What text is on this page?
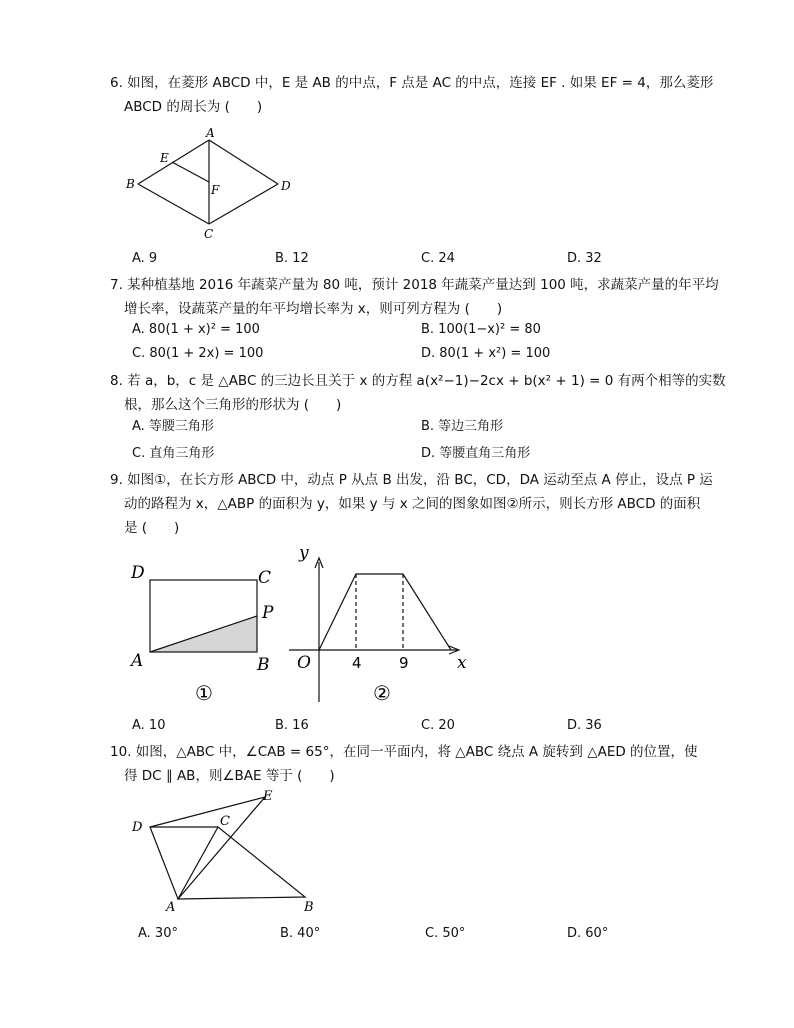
6. 如图，在菱形 ABCD 中，E 是 AB 的中点，F 点是 AC 的中点，连接 EF . 如果 EF = 4，那么菱形
ABCD 的周长为 (　　)
A
B
C
D
E
F
A. 9	B. 12	C. 24	D. 32
7. 某种植基地 2016 年蔬菜产量为 80 吨，预计 2018 年蔬菜产量达到 100 吨，求蔬菜产量的年平均
增长率，设蔬菜产量的年平均增长率为 x，则可列方程为 (　　)
A. 80(1 + x)² = 100	B. 100(1−x)² = 80
C. 80(1 + 2x) = 100	D. 80(1 + x²) = 100
8. 若 a，b，c 是 △ABC 的三边长且关于 x 的方程 a(x²−1)−2cx + b(x² + 1) = 0 有两个相等的实数
根，那么这个三角形的形状为 (　　)
A. 等腰三角形	B. 等边三角形
C. 直角三角形	D. 等腰直角三角形
9. 如图①，在长方形 ABCD 中，动点 P 从点 B 出发，沿 BC，CD，DA 运动至点 A 停止，设点 P 运
动的路程为 x，△ABP 的面积为 y，如果 y 与 x 之间的图象如图②所示，则长方形 ABCD 的面积
是 (　　)
D	C
P
A	B
①
y
x
O	4 9
②
A. 10	B. 16	C. 20	D. 36
10. 如图，△ABC 中，∠CAB = 65°，在同一平面内，将 △ABC 绕点 A 旋转到 △AED 的位置，使
得 DC ∥ AB，则∠BAE 等于 (　　)
D
E
C
A	B
A. 30°	B. 40°	C. 50°	D. 60°
